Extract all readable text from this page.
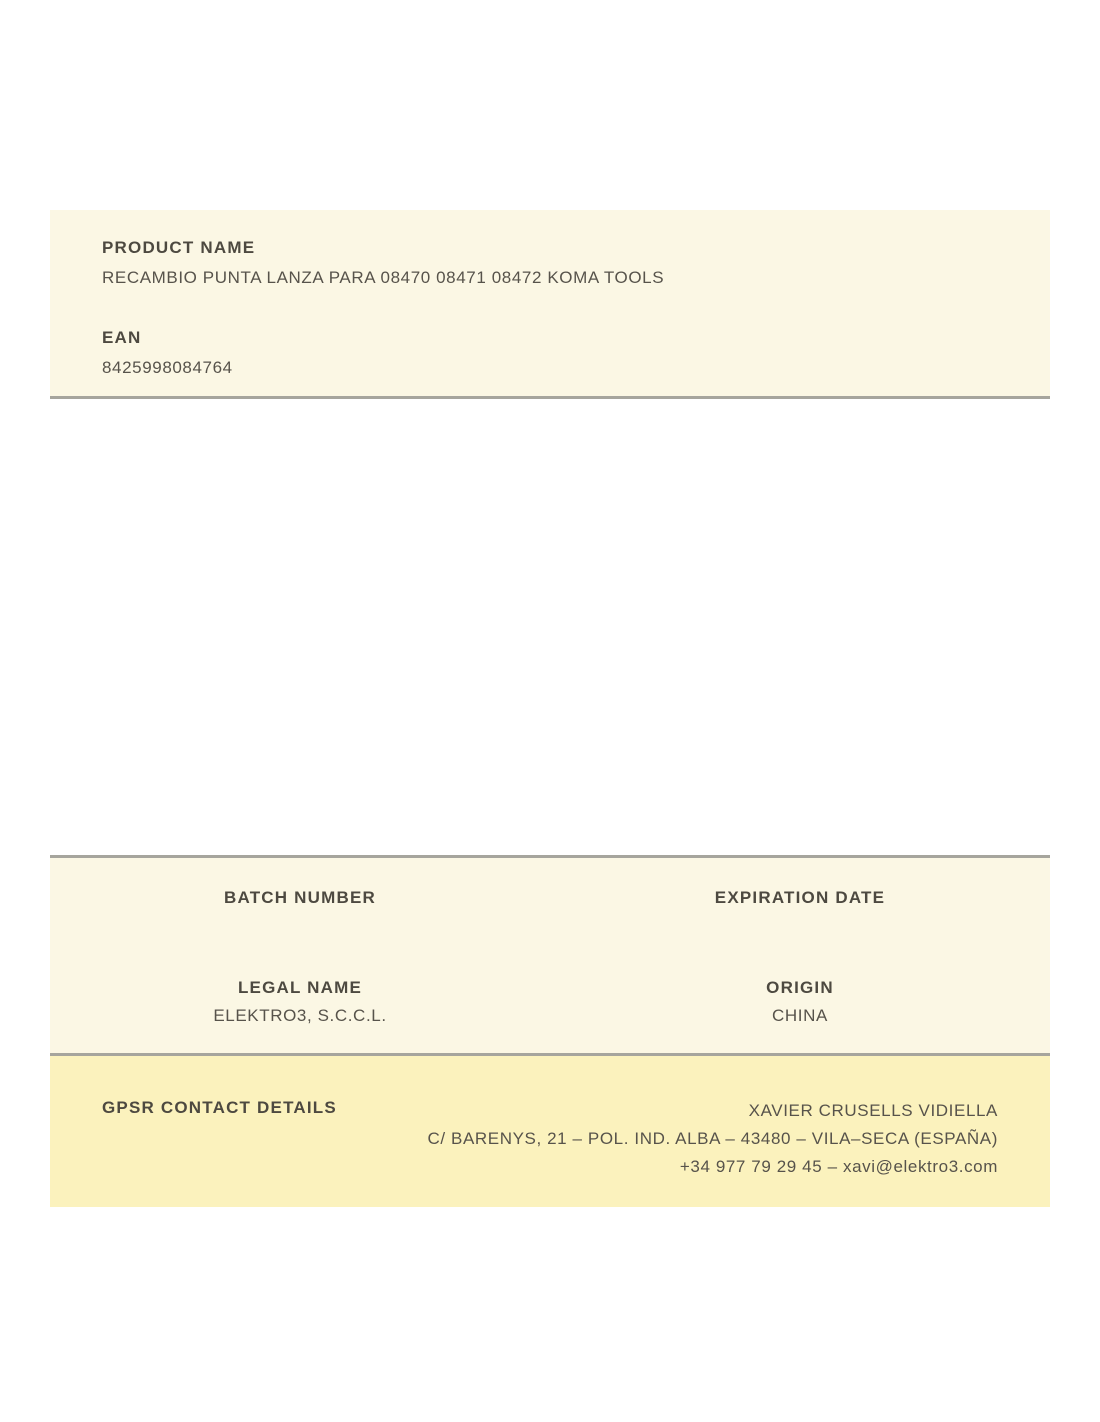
PRODUCT NAME
RECAMBIO PUNTA LANZA PARA 08470 08471 08472 KOMA TOOLS
EAN
8425998084764
BATCH NUMBER	EXPIRATION DATE
LEGAL NAME
ELEKTRO3, S.C.C.L.
ORIGIN
CHINA
GPSR CONTACT DETAILS	XAVIER CRUSELLS VIDIELLA
C/ BARENYS, 21 – POL. IND. ALBA – 43480 – VILA–SECA (ESPAÑA)
+34 977 79 29 45 – xavi@elektro3.com
